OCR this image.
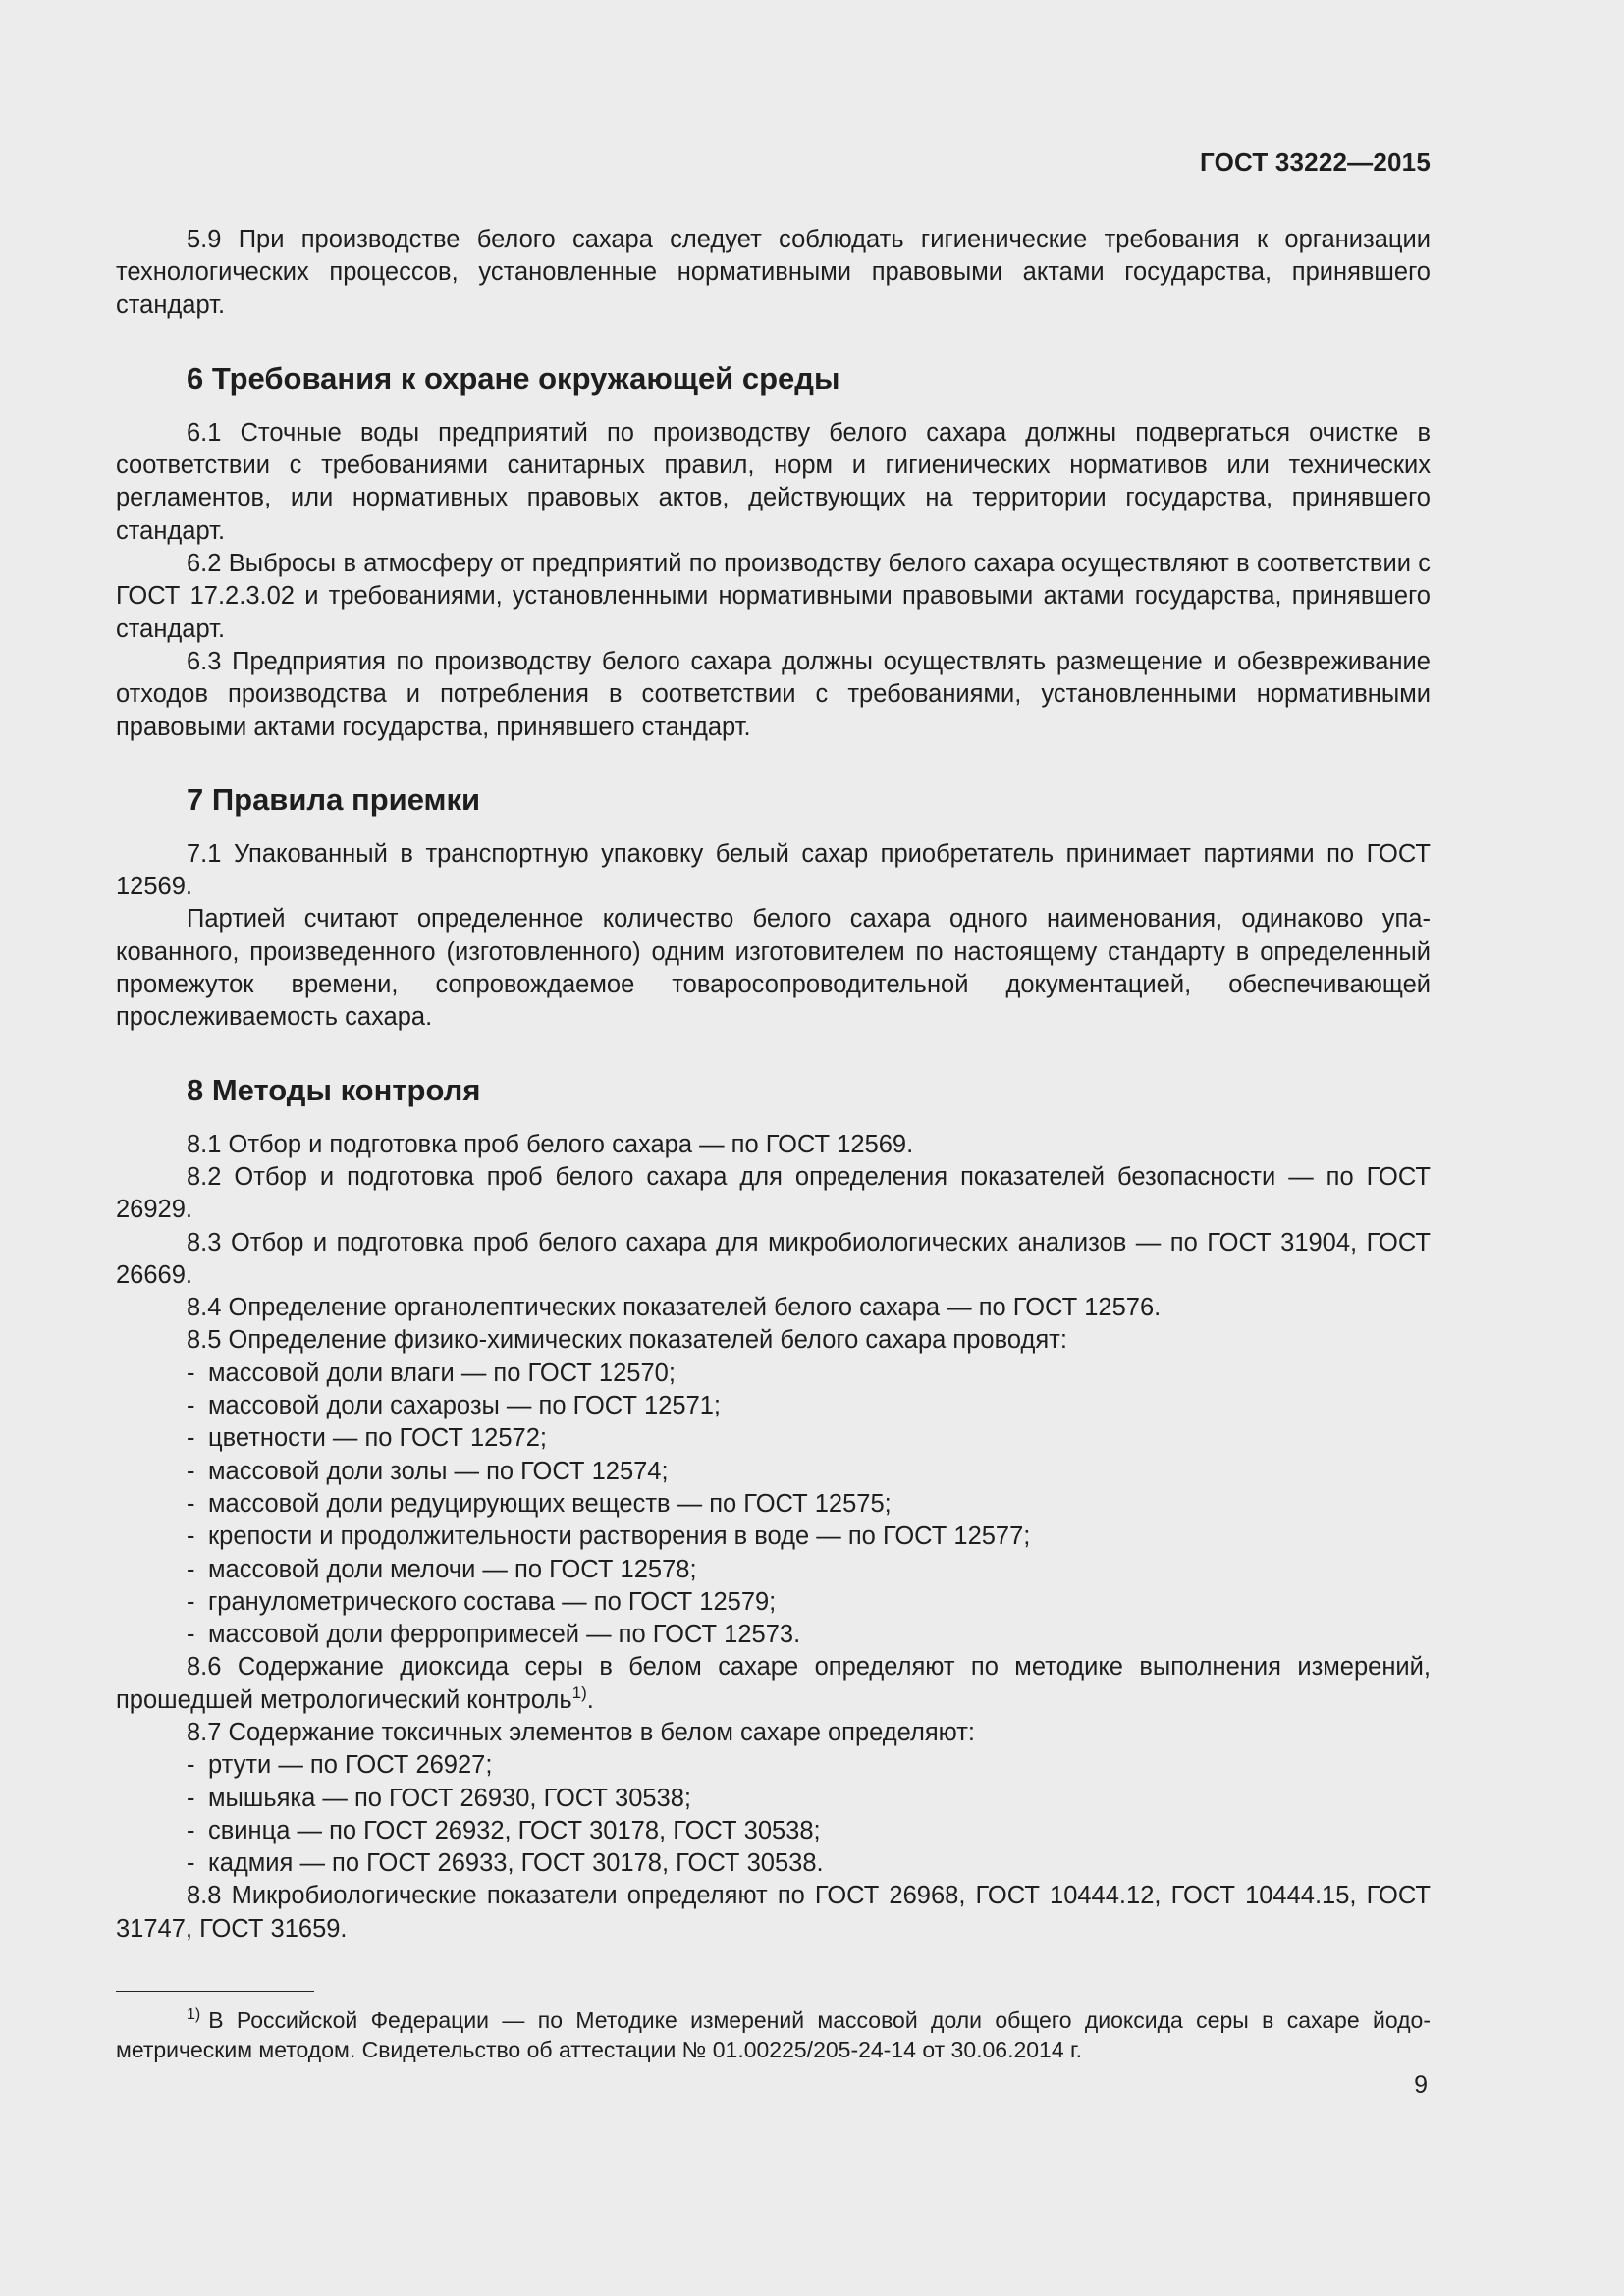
ГОСТ 33222—2015

5.9 При производстве белого сахара следует соблюдать гигиенические требования к организации технологических процессов, установленные нормативными правовыми актами государства, принявшего стандарт.

6 Требования к охране окружающей среды

6.1 Сточные воды предприятий по производству белого сахара должны подвергаться очистке в соответствии с требованиями санитарных правил, норм и гигиенических нормативов или технических регламентов, или нормативных правовых актов, действующих на территории государства, принявшего стандарт.

6.2 Выбросы в атмосферу от предприятий по производству белого сахара осуществляют в соответствии с ГОСТ 17.2.3.02 и требованиями, установленными нормативными правовыми актами государства, принявшего стандарт.

6.3 Предприятия по производству белого сахара должны осуществлять размещение и обезвреживание отходов производства и потребления в соответствии с требованиями, установленными нормативными правовыми актами государства, принявшего стандарт.

7 Правила приемки

7.1 Упакованный в транспортную упаковку белый сахар приобретатель принимает партиями по ГОСТ 12569.

Партией считают определенное количество белого сахара одного наименования, одинаково упакованного, произведенного (изготовленного) одним изготовителем по настоящему стандарту в определенный промежуток времени, сопровождаемое товаросопроводительной документацией, обеспечивающей прослеживаемость сахара.

8 Методы контроля

8.1 Отбор и подготовка проб белого сахара — по ГОСТ 12569.

8.2 Отбор и подготовка проб белого сахара для определения показателей безопасности — по ГОСТ 26929.

8.3 Отбор и подготовка проб белого сахара для микробиологических анализов — по ГОСТ 31904, ГОСТ 26669.

8.4 Определение органолептических показателей белого сахара — по ГОСТ 12576.

8.5 Определение физико-химических показателей белого сахара проводят:

- массовой доли влаги — по ГОСТ 12570;

- массовой доли сахарозы — по ГОСТ 12571;

- цветности — по ГОСТ 12572;

- массовой доли золы — по ГОСТ 12574;

- массовой доли редуцирующих веществ — по ГОСТ 12575;

- крепости и продолжительности растворения в воде — по ГОСТ 12577;

- массовой доли мелочи — по ГОСТ 12578;

- гранулометрического состава — по ГОСТ 12579;

- массовой доли ферропримесей — по ГОСТ 12573.

8.6 Содержание диоксида серы в белом сахаре определяют по методике выполнения измерений, прошедшей метрологический контроль$^{1)}$.

8.7 Содержание токсичных элементов в белом сахаре определяют:

- ртути — по ГОСТ 26927;

- мышьяка — по ГОСТ 26930, ГОСТ 30538;

- свинца — по ГОСТ 26932, ГОСТ 30178, ГОСТ 30538;

- кадмия — по ГОСТ 26933, ГОСТ 30178, ГОСТ 30538.

8.8 Микробиологические показатели определяют по ГОСТ 26968, ГОСТ 10444.12, ГОСТ 10444.15, ГОСТ 31747, ГОСТ 31659.

$^{1)}$ В Российской Федерации — по Методике измерений массовой доли общего диоксида серы в сахаре йодометрическим методом. Свидетельство об аттестации № 01.00225/205-24-14 от 30.06.2014 г.

9
